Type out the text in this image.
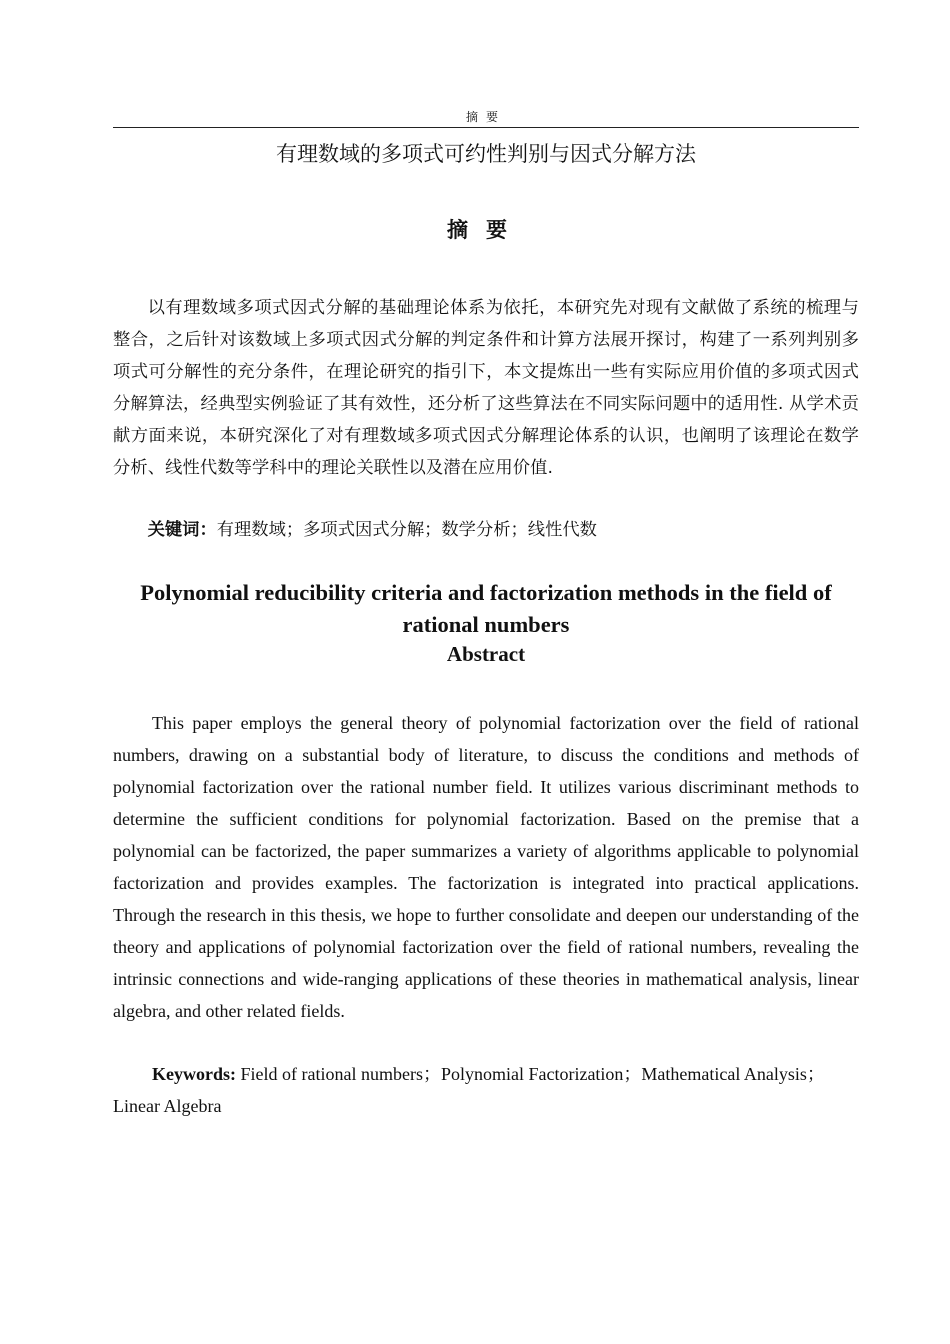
摘要
有理数域的多项式可约性判别与因式分解方法
摘要

以有理数域多项式因式分解的基础理论体系为依托，本研究先对现有文献做了系统的梳理与整合，之后针对该数域上多项式因式分解的判定条件和计算方法展开探讨，构建了一系列判别多项式可分解性的充分条件，在理论研究的指引下，本文提炼出一些有实际应用价值的多项式因式分解算法，经典型实例验证了其有效性，还分析了这些算法在不同实际问题中的适用性. 从学术贡献方面来说，本研究深化了对有理数域多项式因式分解理论体系的认识，也阐明了该理论在数学分析、线性代数等学科中的理论关联性以及潜在应用价值.

关键词：有理数域；多项式因式分解；数学分析；线性代数

Polynomial reducibility criteria and factorization methods in the field of rational numbers
Abstract

This paper employs the general theory of polynomial factorization over the field of rational numbers, drawing on a substantial body of literature, to discuss the conditions and methods of polynomial factorization over the rational number field. It utilizes various discriminant methods to determine the sufficient conditions for polynomial factorization. Based on the premise that a polynomial can be factorized, the paper summarizes a variety of algorithms applicable to polynomial factorization and provides examples. The factorization is integrated into practical applications. Through the research in this thesis, we hope to further consolidate and deepen our understanding of the theory and applications of polynomial factorization over the field of rational numbers, revealing the intrinsic connections and wide-ranging applications of these theories in mathematical analysis, linear algebra, and other related fields.

Keywords: Field of rational numbers；Polynomial Factorization；Mathematical Analysis；Linear Algebra
